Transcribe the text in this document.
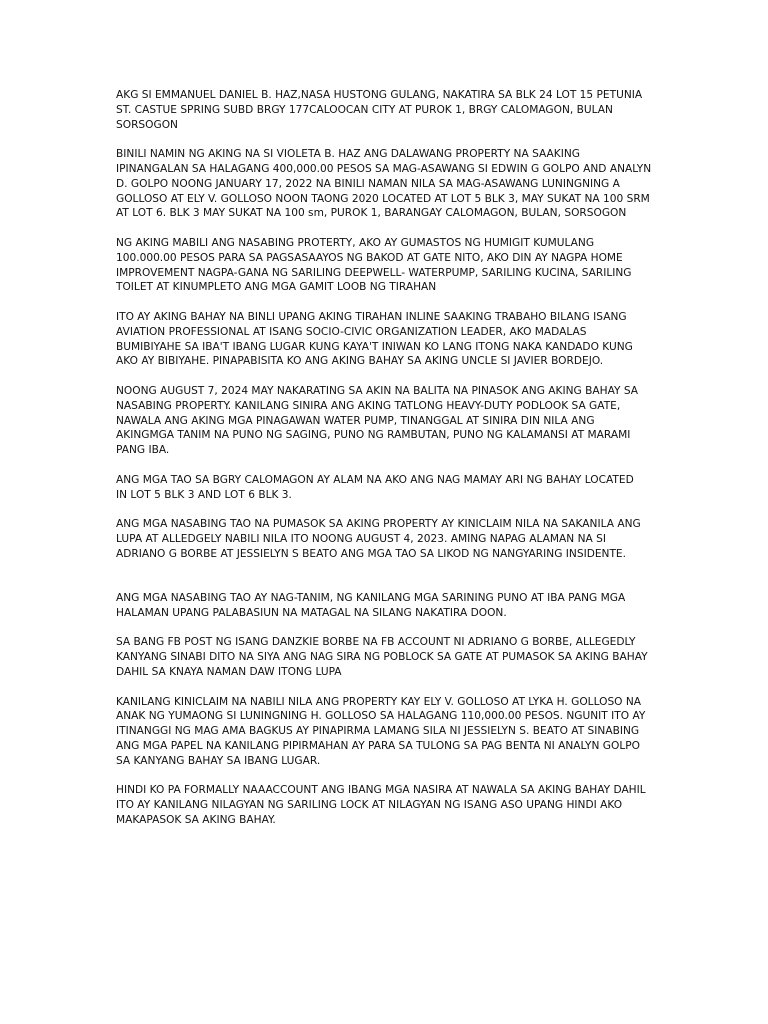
AKG SI EMMANUEL DANIEL B. HAZ,NASA HUSTONG GULANG, NAKATIRA SA BLK 24 LOT 15 PETUNIA
ST. CASTUE SPRING SUBD BRGY 177CALOOCAN CITY AT PUROK 1, BRGY CALOMAGON, BULAN
SORSOGON

BINILI NAMIN NG AKING NA SI VIOLETA B. HAZ ANG DALAWANG PROPERTY NA SAAKING
IPINANGALAN SA HALAGANG 400,000.00 PESOS SA MAG-ASAWANG SI EDWIN G GOLPO AND ANALYN
D. GOLPO NOONG JANUARY 17, 2022 NA BINILI NAMAN NILA SA MAG-ASAWANG LUNINGNING A
GOLLOSO AT ELY V. GOLLOSO NOON TAONG 2020 LOCATED AT LOT 5 BLK 3, MAY SUKAT NA 100 SRM
AT LOT 6. BLK 3 MAY SUKAT NA 100 sm, PUROK 1, BARANGAY CALOMAGON, BULAN, SORSOGON

NG AKING MABILI ANG NASABING PROTERTY, AKO AY GUMASTOS NG HUMIGIT KUMULANG
100.000.00 PESOS PARA SA PAGSASAAYOS NG BAKOD AT GATE NITO, AKO DIN AY NAGPA HOME
IMPROVEMENT NAGPA-GANA NG SARILING DEEPWELL- WATERPUMP, SARILING KUCINA, SARILING
TOILET AT KINUMPLETO ANG MGA GAMIT LOOB NG TIRAHAN

ITO AY AKING BAHAY NA BINLI UPANG AKING TIRAHAN INLINE SAAKING TRABAHO BILANG ISANG
AVIATION PROFESSIONAL AT ISANG SOCIO-CIVIC ORGANIZATION LEADER, AKO MADALAS
BUMIBIYAHE SA IBA'T IBANG LUGAR KUNG KAYA'T INIWAN KO LANG ITONG NAKA KANDADO KUNG
AKO AY BIBIYAHE. PINAPABISITA KO ANG AKING BAHAY SA AKING UNCLE SI JAVIER BORDEJO.

NOONG AUGUST 7, 2024 MAY NAKARATING SA AKIN NA BALITA NA PINASOK ANG AKING BAHAY SA
NASABING PROPERTY. KANILANG SINIRA ANG AKING TATLONG HEAVY-DUTY PODLOOK SA GATE,
NAWALA ANG AKING MGA PINAGAWAN WATER PUMP, TINANGGAL AT SINIRA DIN NILA ANG
AKINGMGA TANIM NA PUNO NG SAGING, PUNO NG RAMBUTAN, PUNO NG KALAMANSI AT MARAMI
PANG IBA.

ANG MGA TAO SA BGRY CALOMAGON AY ALAM NA AKO ANG NAG MAMAY ARI NG BAHAY LOCATED
IN LOT 5 BLK 3 AND LOT 6 BLK 3.

ANG MGA NASABING TAO NA PUMASOK SA AKING PROPERTY AY KINICLAIM NILA NA SAKANILA ANG
LUPA AT ALLEDGELY NABILI NILA ITO NOONG AUGUST 4, 2023. AMING NAPAG ALAMAN NA SI
ADRIANO G BORBE AT JESSIELYN S BEATO ANG MGA TAO SA LIKOD NG NANGYARING INSIDENTE.

ANG MGA NASABING TAO AY NAG-TANIM, NG KANILANG MGA SARINING PUNO AT IBA PANG MGA
HALAMAN UPANG PALABASIUN NA MATAGAL NA SILANG NAKATIRA DOON.

SA BANG FB POST NG ISANG DANZKIE BORBE NA FB ACCOUNT NI ADRIANO G BORBE, ALLEGEDLY
KANYANG SINABI DITO NA SIYA ANG NAG SIRA NG POBLOCK SA GATE AT PUMASOK SA AKING BAHAY
DAHIL SA KNAYA NAMAN DAW ITONG LUPA

KANILANG KINICLAIM NA NABILI NILA ANG PROPERTY KAY ELY V. GOLLOSO AT LYKA H. GOLLOSO NA
ANAK NG YUMAONG SI LUNINGNING H. GOLLOSO SA HALAGANG 110,000.00 PESOS. NGUNIT ITO AY
ITINANGGI NG MAG AMA BAGKUS AY PINAPIRMA LAMANG SILA NI JESSIELYN S. BEATO AT SINABING
ANG MGA PAPEL NA KANILANG PIPIRMAHAN AY PARA SA TULONG SA PAG BENTA NI ANALYN GOLPO
SA KANYANG BAHAY SA IBANG LUGAR.

HINDI KO PA FORMALLY NAAACCOUNT ANG IBANG MGA NASIRA AT NAWALA SA AKING BAHAY DAHIL
ITO AY KANILANG NILAGYAN NG SARILING LOCK AT NILAGYAN NG ISANG ASO UPANG HINDI AKO
MAKAPASOK SA AKING BAHAY.
